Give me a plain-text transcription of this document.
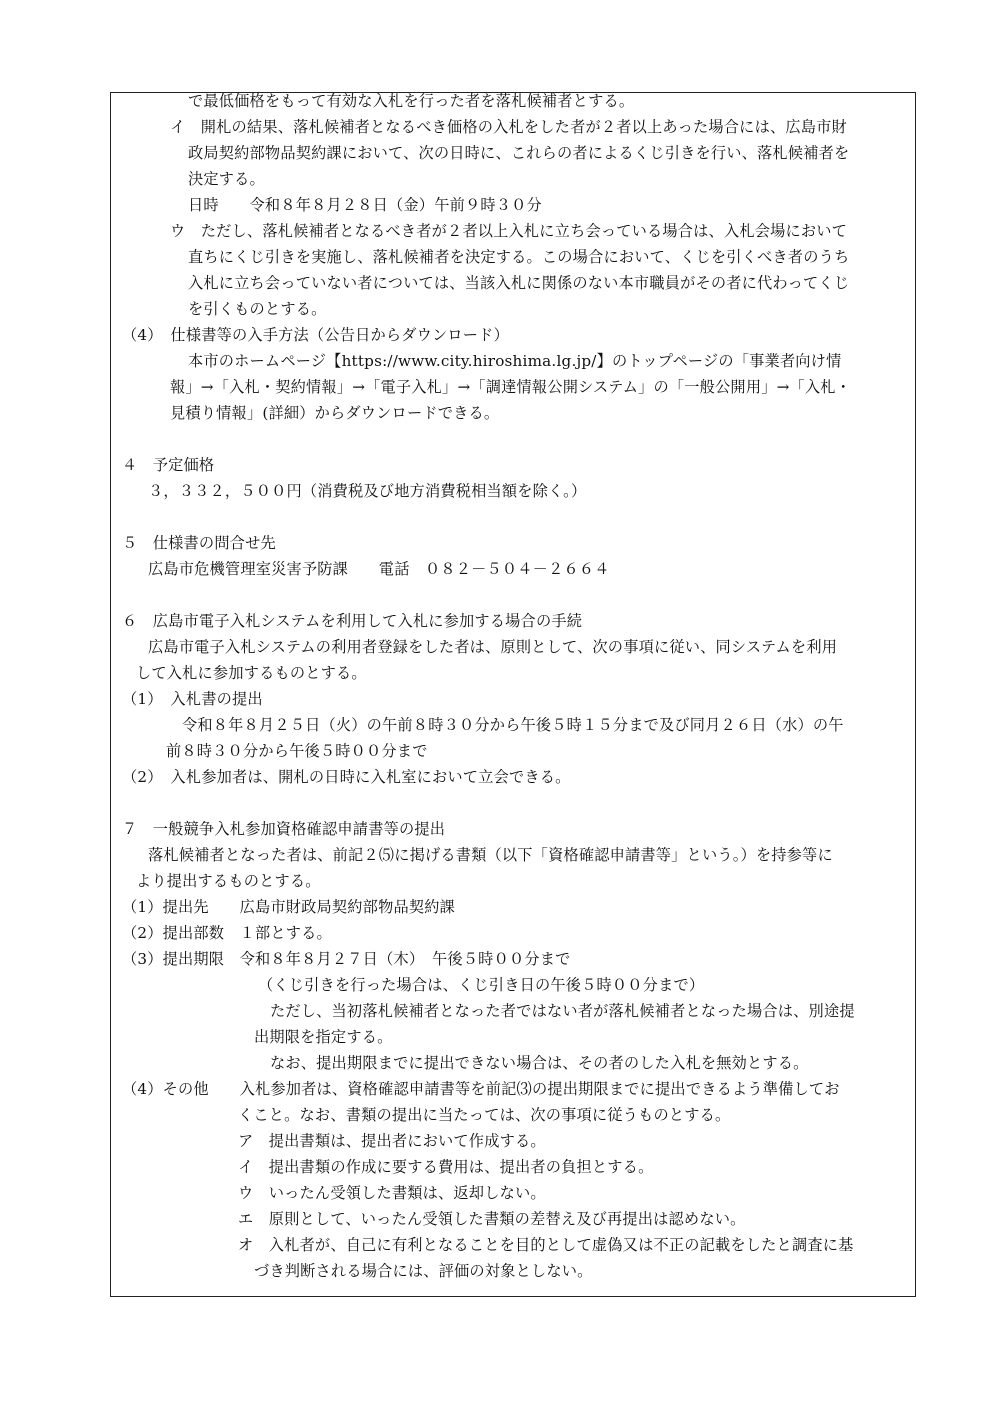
で最低価格をもって有効な入札を行った者を落札候補者とする。
イ　開札の結果、落札候補者となるべき価格の入札をした者が２者以上あった場合には、広島市財
政局契約部物品契約課において、次の日時に、これらの者によるくじ引きを行い、落札候補者を
決定する。
日時　　令和８年８月２８日（金）午前９時３０分
ウ　ただし、落札候補者となるべき者が２者以上入札に立ち会っている場合は、入札会場において
直ちにくじ引きを実施し、落札候補者を決定する。この場合において、くじを引くべき者のうち
入札に立ち会っていない者については、当該入札に関係のない本市職員がその者に代わってくじ
を引くものとする。
（4）　仕様書等の入手方法（公告日からダウンロード）
本市のホームページ【https://www.city.hiroshima.lg.jp/】のトップページの「事業者向け情
報」→「入札・契約情報」→「電子入札」→「調達情報公開システム」の「一般公開用」→「入札・
見積り情報」(詳細）からダウンロードできる。
４　予定価格
３，３３２，５００円（消費税及び地方消費税相当額を除く。）
５　仕様書の問合せ先
広島市危機管理室災害予防課　　電話　０８２－５０４－２６６４
６　広島市電子入札システムを利用して入札に参加する場合の手続
広島市電子入札システムの利用者登録をした者は、原則として、次の事項に従い、同システムを利用
して入札に参加するものとする。
（1）　入札書の提出
令和８年８月２５日（火）の午前８時３０分から午後５時１５分まで及び同月２６日（水）の午
前８時３０分から午後５時００分まで
（2）　入札参加者は、開札の日時に入札室において立会できる。
７　一般競争入札参加資格確認申請書等の提出
落札候補者となった者は、前記２⑸に掲げる書類（以下「資格確認申請書等」という。）を持参等に
より提出するものとする。
（1）提出先　　広島市財政局契約部物品契約課
（2）提出部数　１部とする。
（3）提出期限　令和８年８月２７日（木）　午後５時００分まで
（くじ引きを行った場合は、くじ引き日の午後５時００分まで）
ただし、当初落札候補者となった者ではない者が落札候補者となった場合は、別途提
出期限を指定する。
なお、提出期限までに提出できない場合は、その者のした入札を無効とする。
（4）その他　　入札参加者は、資格確認申請書等を前記⑶の提出期限までに提出できるよう準備してお
くこと。なお、書類の提出に当たっては、次の事項に従うものとする。
ア　提出書類は、提出者において作成する。
イ　提出書類の作成に要する費用は、提出者の負担とする。
ウ　いったん受領した書類は、返却しない。
エ　原則として、いったん受領した書類の差替え及び再提出は認めない。
オ　入札者が、自己に有利となることを目的として虚偽又は不正の記載をしたと調査に基
づき判断される場合には、評価の対象としない。
